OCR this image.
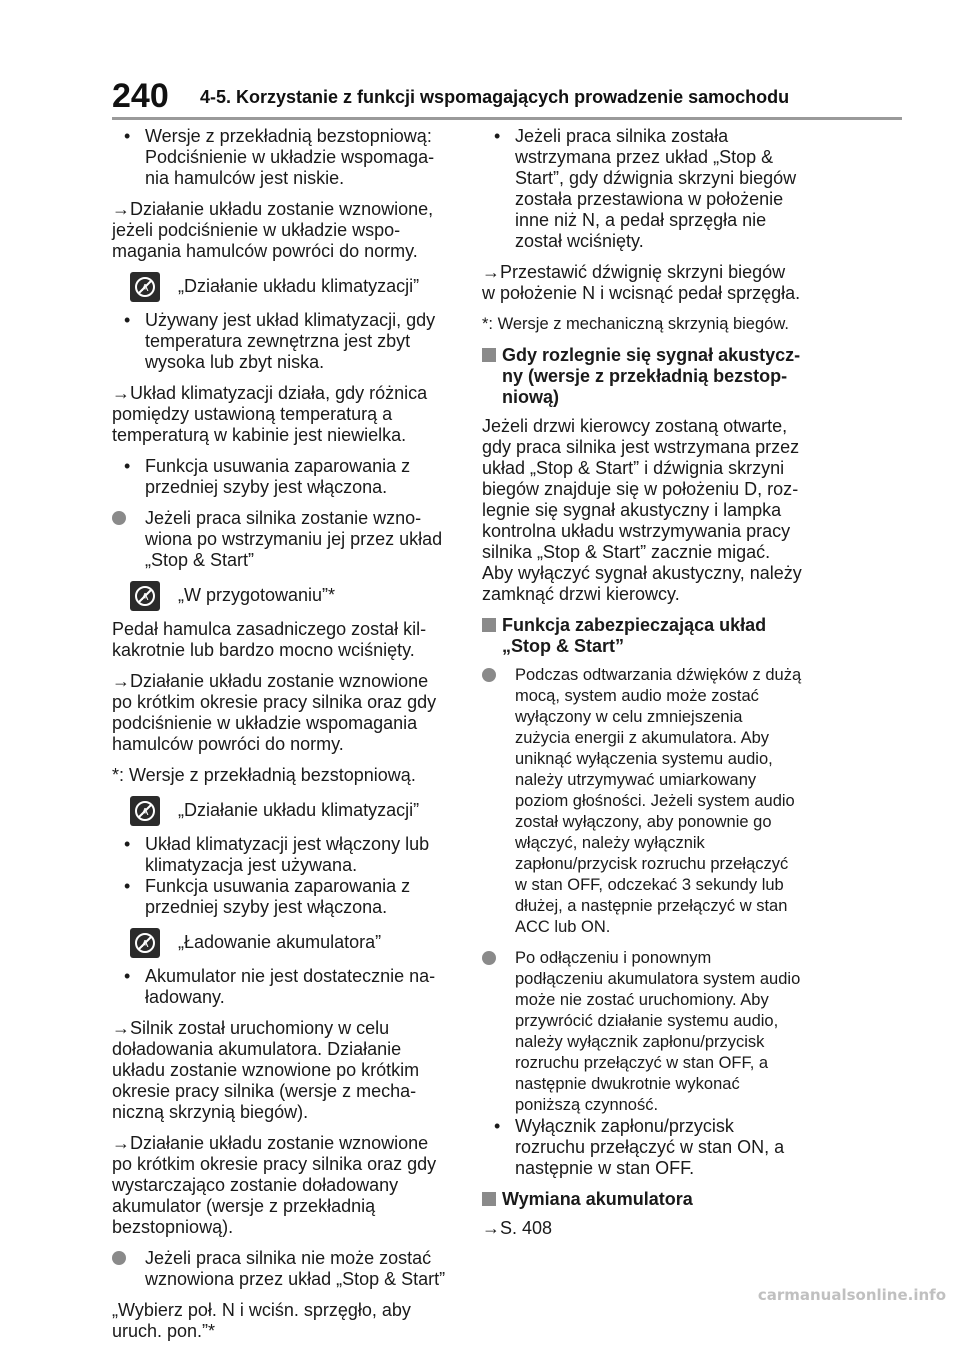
240 4-5. Korzystanie z funkcji wspomagających prowadzenie samochodu
• Wersje z przekładnią bezstopniową: Podciśnienie w układzie wspomagania hamulców jest niskie.
→Działanie układu zostanie wznowione, jeżeli podciśnienie w układzie wspomagania hamulców powróci do normy.
A „Działanie układu klimatyzacji”
• Używany jest układ klimatyzacji, gdy temperatura zewnętrzna jest zbyt wysoka lub zbyt niska.
→Układ klimatyzacji działa, gdy różnica pomiędzy ustawioną temperaturą a temperaturą w kabinie jest niewielka.
• Funkcja usuwania zaparowania z przedniej szyby jest włączona.
Jeżeli praca silnika zostanie wznowiona po wstrzymaniu jej przez układ „Stop & Start”
A „W przygotowaniu”*
Pedał hamulca zasadniczego został kilkakrotnie lub bardzo mocno wciśnięty.
→Działanie układu zostanie wznowione po krótkim okresie pracy silnika oraz gdy podciśnienie w układzie wspomagania hamulców powróci do normy.
*: Wersje z przekładnią bezstopniową.
A „Działanie układu klimatyzacji”
• Układ klimatyzacji jest włączony lub klimatyzacja jest używana.
• Funkcja usuwania zaparowania z przedniej szyby jest włączona.
A „Ładowanie akumulatora”
• Akumulator nie jest dostatecznie naładowany.
→Silnik został uruchomiony w celu doładowania akumulatora. Działanie układu zostanie wznowione po krótkim okresie pracy silnika (wersje z mechaniczną skrzynią biegów).
→Działanie układu zostanie wznowione po krótkim okresie pracy silnika oraz gdy wystarczająco zostanie doładowany akumulator (wersje z przekładnią bezstopniową).
Jeżeli praca silnika nie może zostać wznowiona przez układ „Stop & Start”
„Wybierz poł. N i wciśn. sprzęgło, aby uruch. pon.”*
• Jeżeli praca silnika została wstrzymana przez układ „Stop & Start”, gdy dźwignia skrzyni biegów została przestawiona w położenie inne niż N, a pedał sprzęgła nie został wciśnięty.
→Przestawić dźwignię skrzyni biegów w położenie N i wcisnąć pedał sprzęgła.
*: Wersje z mechaniczną skrzynią biegów.
Gdy rozlegnie się sygnał akustyczny (wersje z przekładnią bezstopniową)
Jeżeli drzwi kierowcy zostaną otwarte, gdy praca silnika jest wstrzymana przez układ „Stop & Start” i dźwignia skrzyni biegów znajduje się w położeniu D, rozlegnie się sygnał akustyczny i lampka kontrolna układu wstrzymywania pracy silnika „Stop & Start” zacznie migać. Aby wyłączyć sygnał akustyczny, należy zamknąć drzwi kierowcy.
Funkcja zabezpieczająca układ „Stop & Start”
Podczas odtwarzania dźwięków z dużą mocą, system audio może zostać wyłączony w celu zmniejszenia zużycia energii z akumulatora. Aby uniknąć wyłączenia systemu audio, należy utrzymywać umiarkowany poziom głośności. Jeżeli system audio został wyłączony, aby ponownie go włączyć, należy wyłącznik zapłonu/przycisk rozruchu przełączyć w stan OFF, odczekać 3 sekundy lub dłużej, a następnie przełączyć w stan ACC lub ON.
Po odłączeniu i ponownym podłączeniu akumulatora system audio może nie zostać uruchomiony. Aby przywrócić działanie systemu audio, należy wyłącznik zapłonu/przycisk rozruchu przełączyć w stan OFF, a następnie dwukrotnie wykonać poniższą czynność.
• Wyłącznik zapłonu/przycisk rozruchu przełączyć w stan ON, a następnie w stan OFF.
Wymiana akumulatora
→S. 408
carmanualsonline.info
